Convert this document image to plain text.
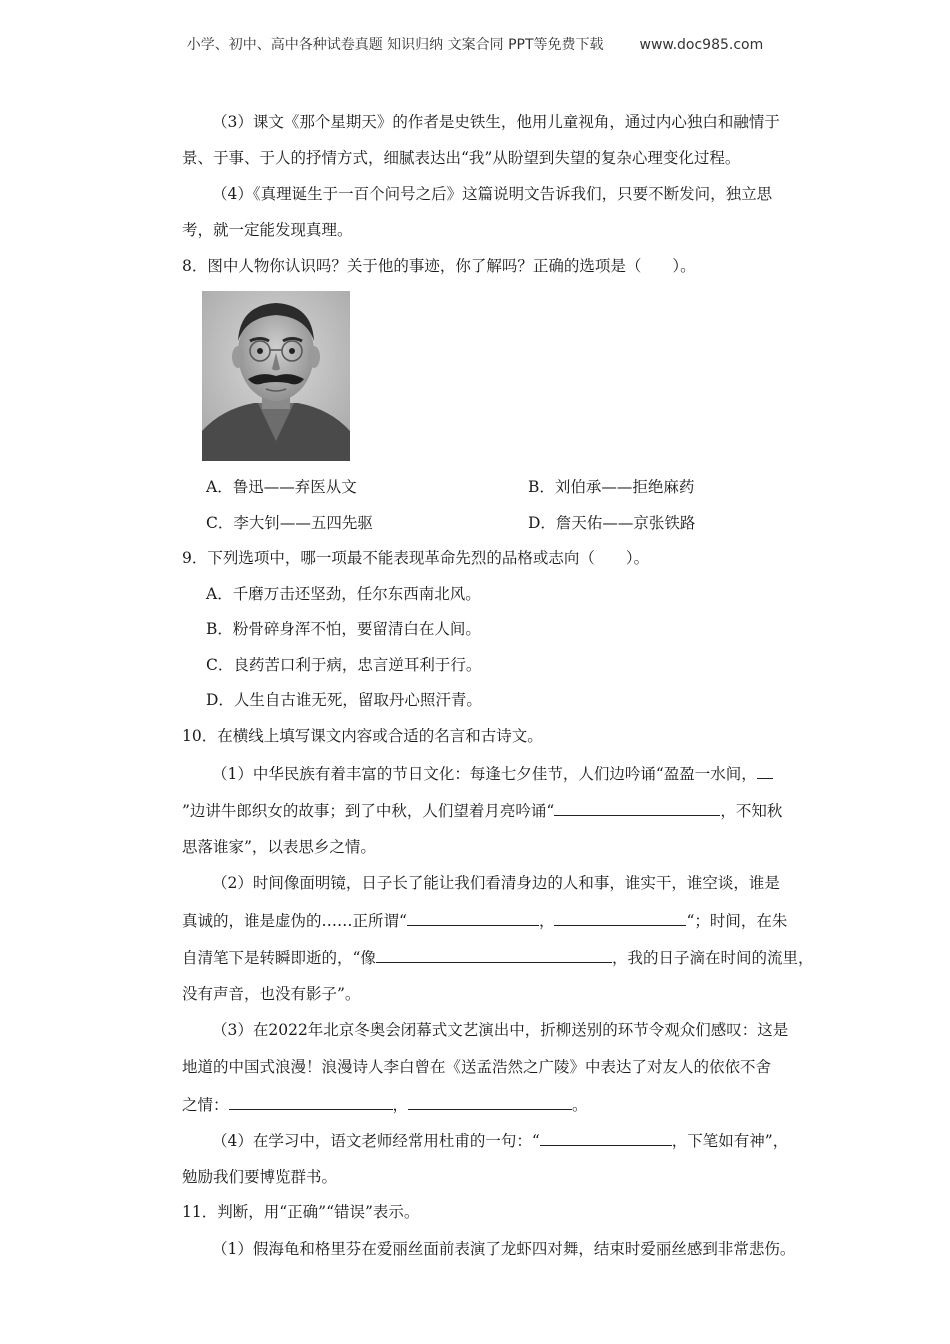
小学、初中、高中各种试卷真题 知识归纳 文案合同 PPT等免费下载	www.doc985.com
（3）课文《那个星期天》的作者是史铁生，他用儿童视角，通过内心独白和融情于
景、于事、于人的抒情方式，细腻表达出“我”从盼望到失望的复杂心理变化过程。
（4）《真理诞生于一百个问号之后》这篇说明文告诉我们，只要不断发问，独立思
考，就一定能发现真理。
8．图中人物你认识吗？关于他的事迹，你了解吗？正确的选项是（　　）。
A．鲁迅——弃医从文	B．刘伯承——拒绝麻药
C．李大钊——五四先驱	D．詹天佑——京张铁路
9．下列选项中，哪一项最不能表现革命先烈的品格或志向（　　）。
A．千磨万击还坚劲，任尔东西南北风。
B．粉骨碎身浑不怕，要留清白在人间。
C．良药苦口利于病，忠言逆耳利于行。
D．人生自古谁无死，留取丹心照汗青。
10．在横线上填写课文内容或合适的名言和古诗文。
（1）中华民族有着丰富的节日文化：每逢七夕佳节，人们边吟诵“盈盈一水间，
”边讲牛郎织女的故事；到了中秋，人们望着月亮吟诵“	，不知秋
思落谁家”，以表思乡之情。
（2）时间像面明镜，日子长了能让我们看清身边的人和事，谁实干，谁空谈，谁是
真诚的，谁是虚伪的……正所谓“	，	“；时间，在朱
自清笔下是转瞬即逝的，“像	，我的日子滴在时间的流里，
没有声音，也没有影子”。
（3）在2022年北京冬奥会闭幕式文艺演出中，折柳送别的环节令观众们感叹：这是
地道的中国式浪漫！浪漫诗人李白曾在《送孟浩然之广陵》中表达了对友人的依依不舍
之情：	，	。
（4）在学习中，语文老师经常用杜甫的一句：“	，下笔如有神”，
勉励我们要博览群书。
11．判断，用“正确”“错误”表示。
（1）假海龟和格里芬在爱丽丝面前表演了龙虾四对舞，结束时爱丽丝感到非常悲伤。
